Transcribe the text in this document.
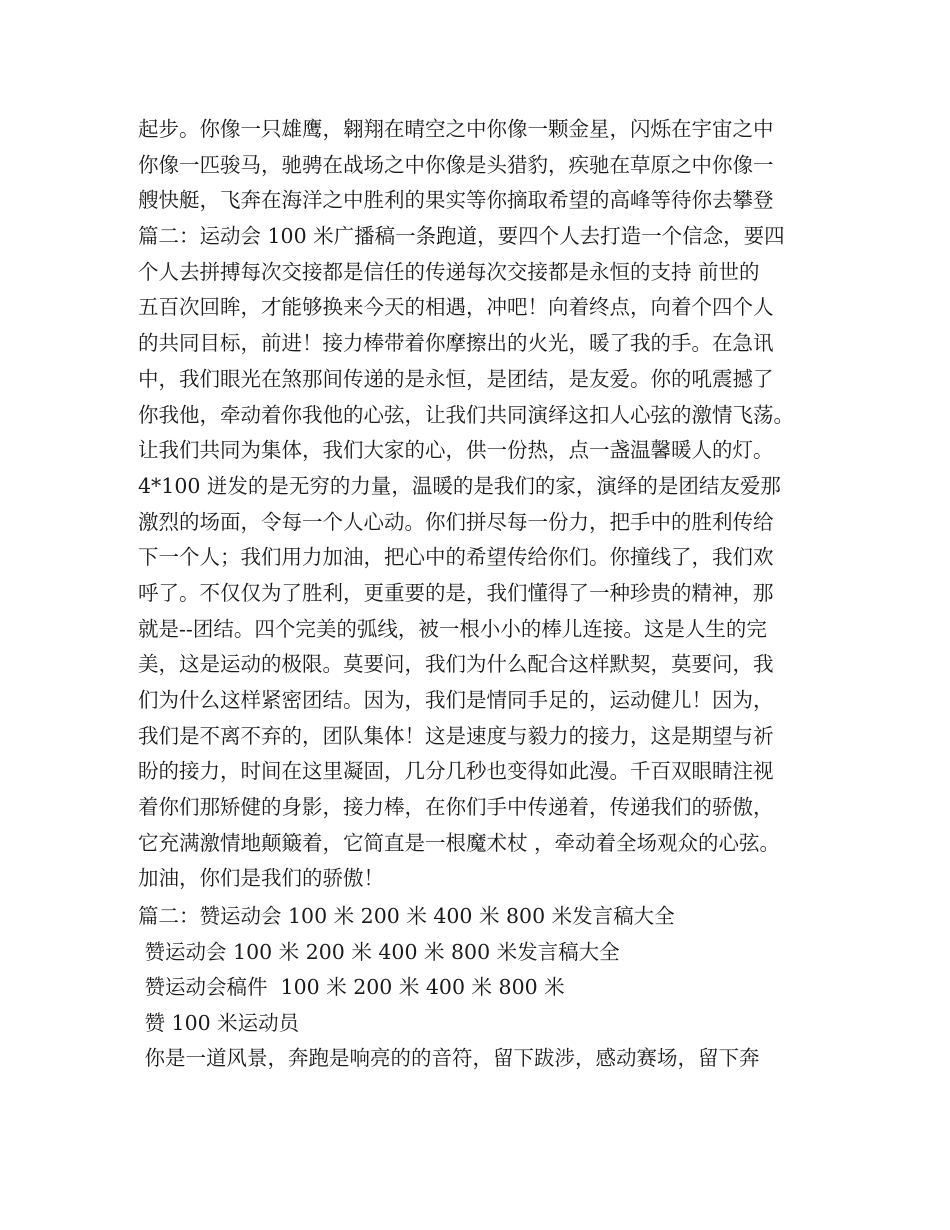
起步。你像一只雄鹰，翱翔在晴空之中你像一颗金星，闪烁在宇宙之中
你像一匹骏马，驰骋在战场之中你像是头猎豹，疾驰在草原之中你像一
艘快艇，飞奔在海洋之中胜利的果实等你摘取希望的高峰等待你去攀登
篇二：运动会 100 米广播稿一条跑道，要四个人去打造一个信念，要四
个人去拼搏每次交接都是信任的传递每次交接都是永恒的支持 前世的
五百次回眸，才能够换来今天的相遇，冲吧！向着终点，向着个四个人
的共同目标，前进！接力棒带着你摩擦出的火光，暖了我的手。在急讯
中，我们眼光在煞那间传递的是永恒，是团结，是友爱。你的吼震撼了
你我他，牵动着你我他的心弦，让我们共同演绎这扣人心弦的激情飞荡。
让我们共同为集体，我们大家的心，供一份热，点一盏温馨暖人的灯。
4*100 迸发的是无穷的力量，温暖的是我们的家，演绎的是团结友爱那
激烈的场面，令每一个人心动。你们拼尽每一份力，把手中的胜利传给
下一个人；我们用力加油，把心中的希望传给你们。你撞线了，我们欢
呼了。不仅仅为了胜利，更重要的是，我们懂得了一种珍贵的精神，那
就是--团结。四个完美的弧线，被一根小小的棒儿连接。这是人生的完
美，这是运动的极限。莫要问，我们为什么配合这样默契，莫要问，我
们为什么这样紧密团结。因为，我们是情同手足的，运动健儿！因为，
我们是不离不弃的，团队集体！这是速度与毅力的接力，这是期望与祈
盼的接力，时间在这里凝固，几分几秒也变得如此漫。千百双眼睛注视
着你们那矫健的身影，接力棒，在你们手中传递着，传递我们的骄傲，
它充满激情地颠簸着，它简直是一根魔术杖 ，牵动着全场观众的心弦。
加油，你们是我们的骄傲！
篇二：赞运动会 100 米 200 米 400 米 800 米发言稿大全
赞运动会 100 米 200 米 400 米 800 米发言稿大全
赞运动会稿件  100 米 200 米 400 米 800 米
赞 100 米运动员
你是一道风景，奔跑是响亮的的音符，留下跋涉，感动赛场，留下奔
